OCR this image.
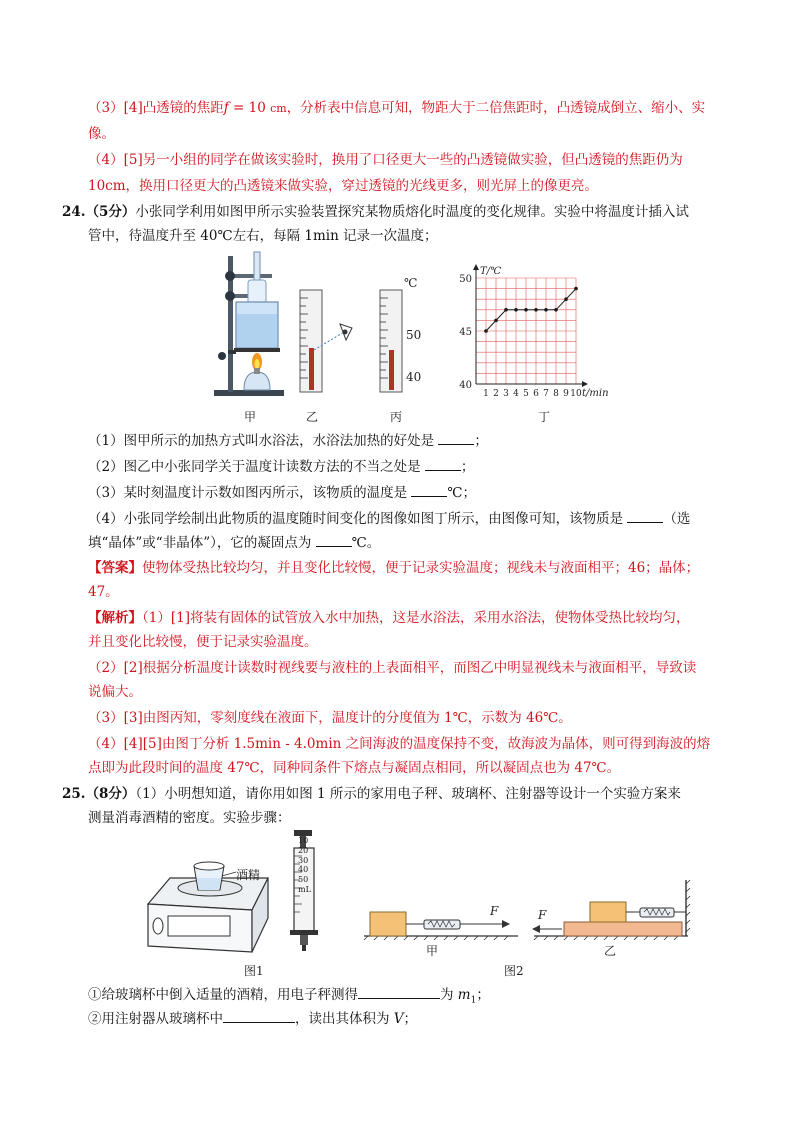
（3）[4]凸透镜的焦距f = 10 cm，分析表中信息可知，物距大于二倍焦距时，凸透镜成倒立、缩小、实
像。
（4）[5]另一小组的同学在做该实验时，换用了口径更大一些的凸透镜做实验，但凸透镜的焦距仍为
10cm，换用口径更大的凸透镜来做实验，穿过透镜的光线更多，则光屏上的像更亮。
24.（5分）小张同学利用如图甲所示实验装置探究某物质熔化时温度的变化规律。实验中将温度计插入试
管中，待温度升至 40℃左右，每隔 1min 记录一次温度；
甲	乙
℃
50
40
丙
50
45
40
1 2 3 4 5 6 7 8 9 10
T/℃
t/min
丁
（1）图甲所示的加热方式叫水浴法，水浴法加热的好处是	；
（2）图乙中小张同学关于温度计读数方法的不当之处是	；
（3）某时刻温度计示数如图丙所示，该物质的温度是	℃；
（4）小张同学绘制出此物质的温度随时间变化的图像如图丁所示，由图像可知，该物质是	（选
填“晶体”或“非晶体”），它的凝固点为	℃。
【答案】使物体受热比较均匀，并且变化比较慢，便于记录实验温度；视线未与液面相平；46；晶体；
47。
【解析】（1）[1]将装有固体的试管放入水中加热，这是水浴法，采用水浴法，使物体受热比较均匀，
并且变化比较慢，便于记录实验温度。
（2）[2]根据分析温度计读数时视线要与液柱的上表面相平，而图乙中明显视线未与液面相平，导致读
说偏大。
（3）[3]由图丙知，零刻度线在液面下，温度计的分度值为 1℃，示数为 46℃。
（4）[4][5]由图丁分析 1.5min - 4.0min 之间海波的温度保持不变，故海波为晶体，则可得到海波的熔
点即为此段时间的温度 47℃，同种同条件下熔点与凝固点相同，所以凝固点也为 47℃。
25.（8分）（1）小明想知道，请你用如图 1 所示的家用电子秤、玻璃杯、注射器等设计一个实验方案来
测量消毒酒精的密度。实验步骤：
酒精
图1
10
20
30
40
50
mL
F
甲
F
乙
图2
①给玻璃杯中倒入适量的酒精，用电子秤测得	为 $m_1$；
②用注射器从玻璃杯中	，读出其体积为 V；
